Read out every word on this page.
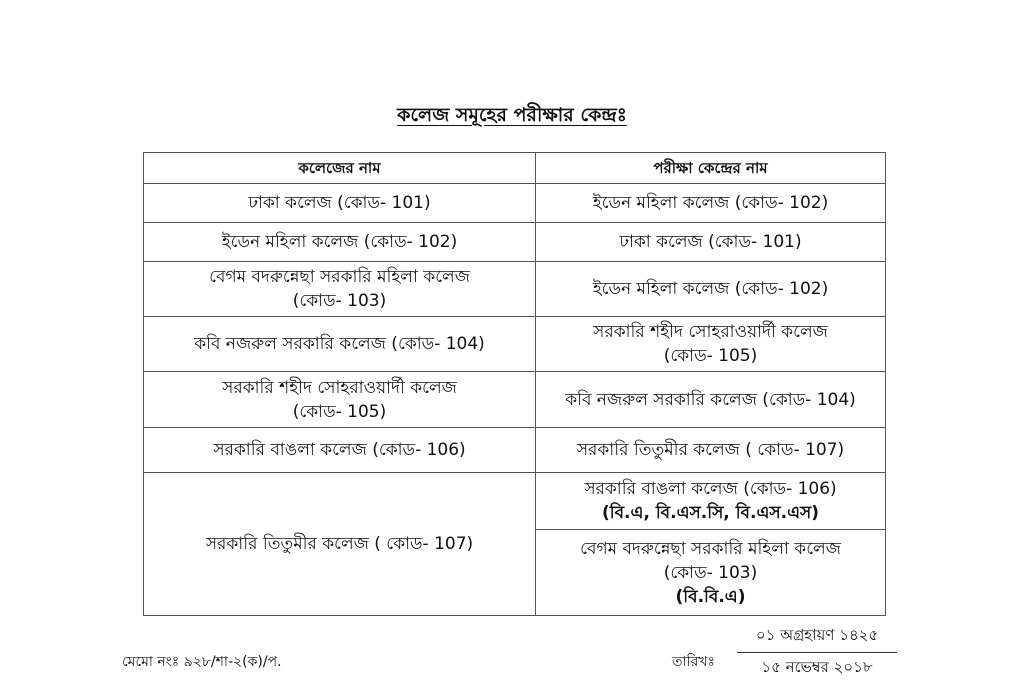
কলেজ সমূহের পরীক্ষার কেন্দ্রঃ
কলেজের নাম	পরীক্ষা কেন্দ্রের নাম
ঢাকা কলেজ (কোড- 101)	ইডেন মহিলা কলেজ (কোড- 102)
ইডেন মহিলা কলেজ (কোড- 102)	ঢাকা কলেজ (কোড- 101)

বেগম বদরুন্নেছা সরকারি মহিলা কলেজ
(কোড- 103)	ইডেন মহিলা কলেজ (কোড- 102)
কবি নজরুল সরকারি কলেজ (কোড- 104)	সরকারি শহীদ সোহরাওয়ার্দী কলেজ
(কোড- 105)

সরকারি শহীদ সোহরাওয়ার্দী কলেজ
(কোড- 105)	কবি নজরুল সরকারি কলেজ (কোড- 104)
সরকারি বাঙলা কলেজ (কোড- 106)	সরকারি তিতুমীর কলেজ ( কোড- 107)
সরকারি তিতুমীর কলেজ ( কোড- 107)	সরকারি বাঙলা কলেজ (কোড- 106)
(বি.এ, বি.এস.সি, বি.এস.এস)

	বেগম বদরুন্নেছা সরকারি মহিলা কলেজ
(কোড- 103)
(বি.বি.এ)
মেমো নংঃ ৯২৮/শা-২(ক)/প.	তারিখঃ
০১ অগ্রহায়ণ ১৪২৫
১৫ নভেম্বর ২০১৮
